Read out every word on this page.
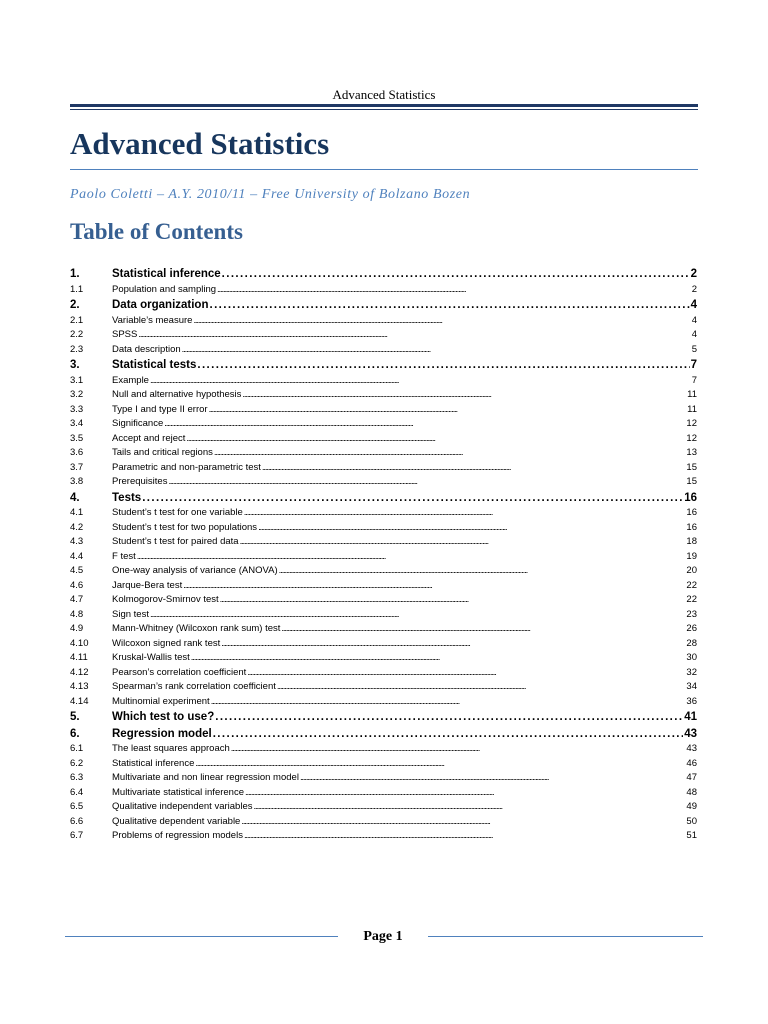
Advanced Statistics
Advanced Statistics
Paolo Coletti – A.Y. 2010/11 – Free University of Bolzano Bozen
Table of Contents
1.	Statistical inference . . .	2
1.1	Population and sampling . . .	2
2.	Data organization . . .	4
2.1	Variable’s measure . . .	4
2.2	SPSS . . .	4
2.3	Data description . . .	5
3.	Statistical tests . . .	7
3.1	Example . . .	7
3.2	Null and alternative hypothesis . . .	11
3.3	Type I and type II error . . .	11
3.4	Significance . . .	12
3.5	Accept and reject . . .	12
3.6	Tails and critical regions . . .	13
3.7	Parametric and non-parametric test . . .	15
3.8	Prerequisites . . .	15
4.	Tests . . .	16
4.1	Student’s t test for one variable . . .	16
4.2	Student’s t test for two populations . . .	16
4.3	Student’s t test for paired data . . .	18
4.4	F test . . .	19
4.5	One-way analysis of variance (ANOVA) . . .	20
4.6	Jarque-Bera test . . .	22
4.7	Kolmogorov-Smirnov test . . .	22
4.8	Sign test . . .	23
4.9	Mann-Whitney (Wilcoxon rank sum) test . . .	26
4.10	Wilcoxon signed rank test . . .	28
4.11	Kruskal-Wallis test . . .	30
4.12	Pearson’s correlation coefficient . . .	32
4.13	Spearman’s rank correlation coefficient . . .	34
4.14	Multinomial experiment . . .	36
5.	Which test to use? . . .	41
6.	Regression model . . .	43
6.1	The least squares approach . . .	43
6.2	Statistical inference . . .	46
6.3	Multivariate and non linear regression model . . .	47
6.4	Multivariate statistical inference . . .	48
6.5	Qualitative independent variables . . .	49
6.6	Qualitative dependent variable . . .	50
6.7	Problems of regression models . . .	51
Page 1
